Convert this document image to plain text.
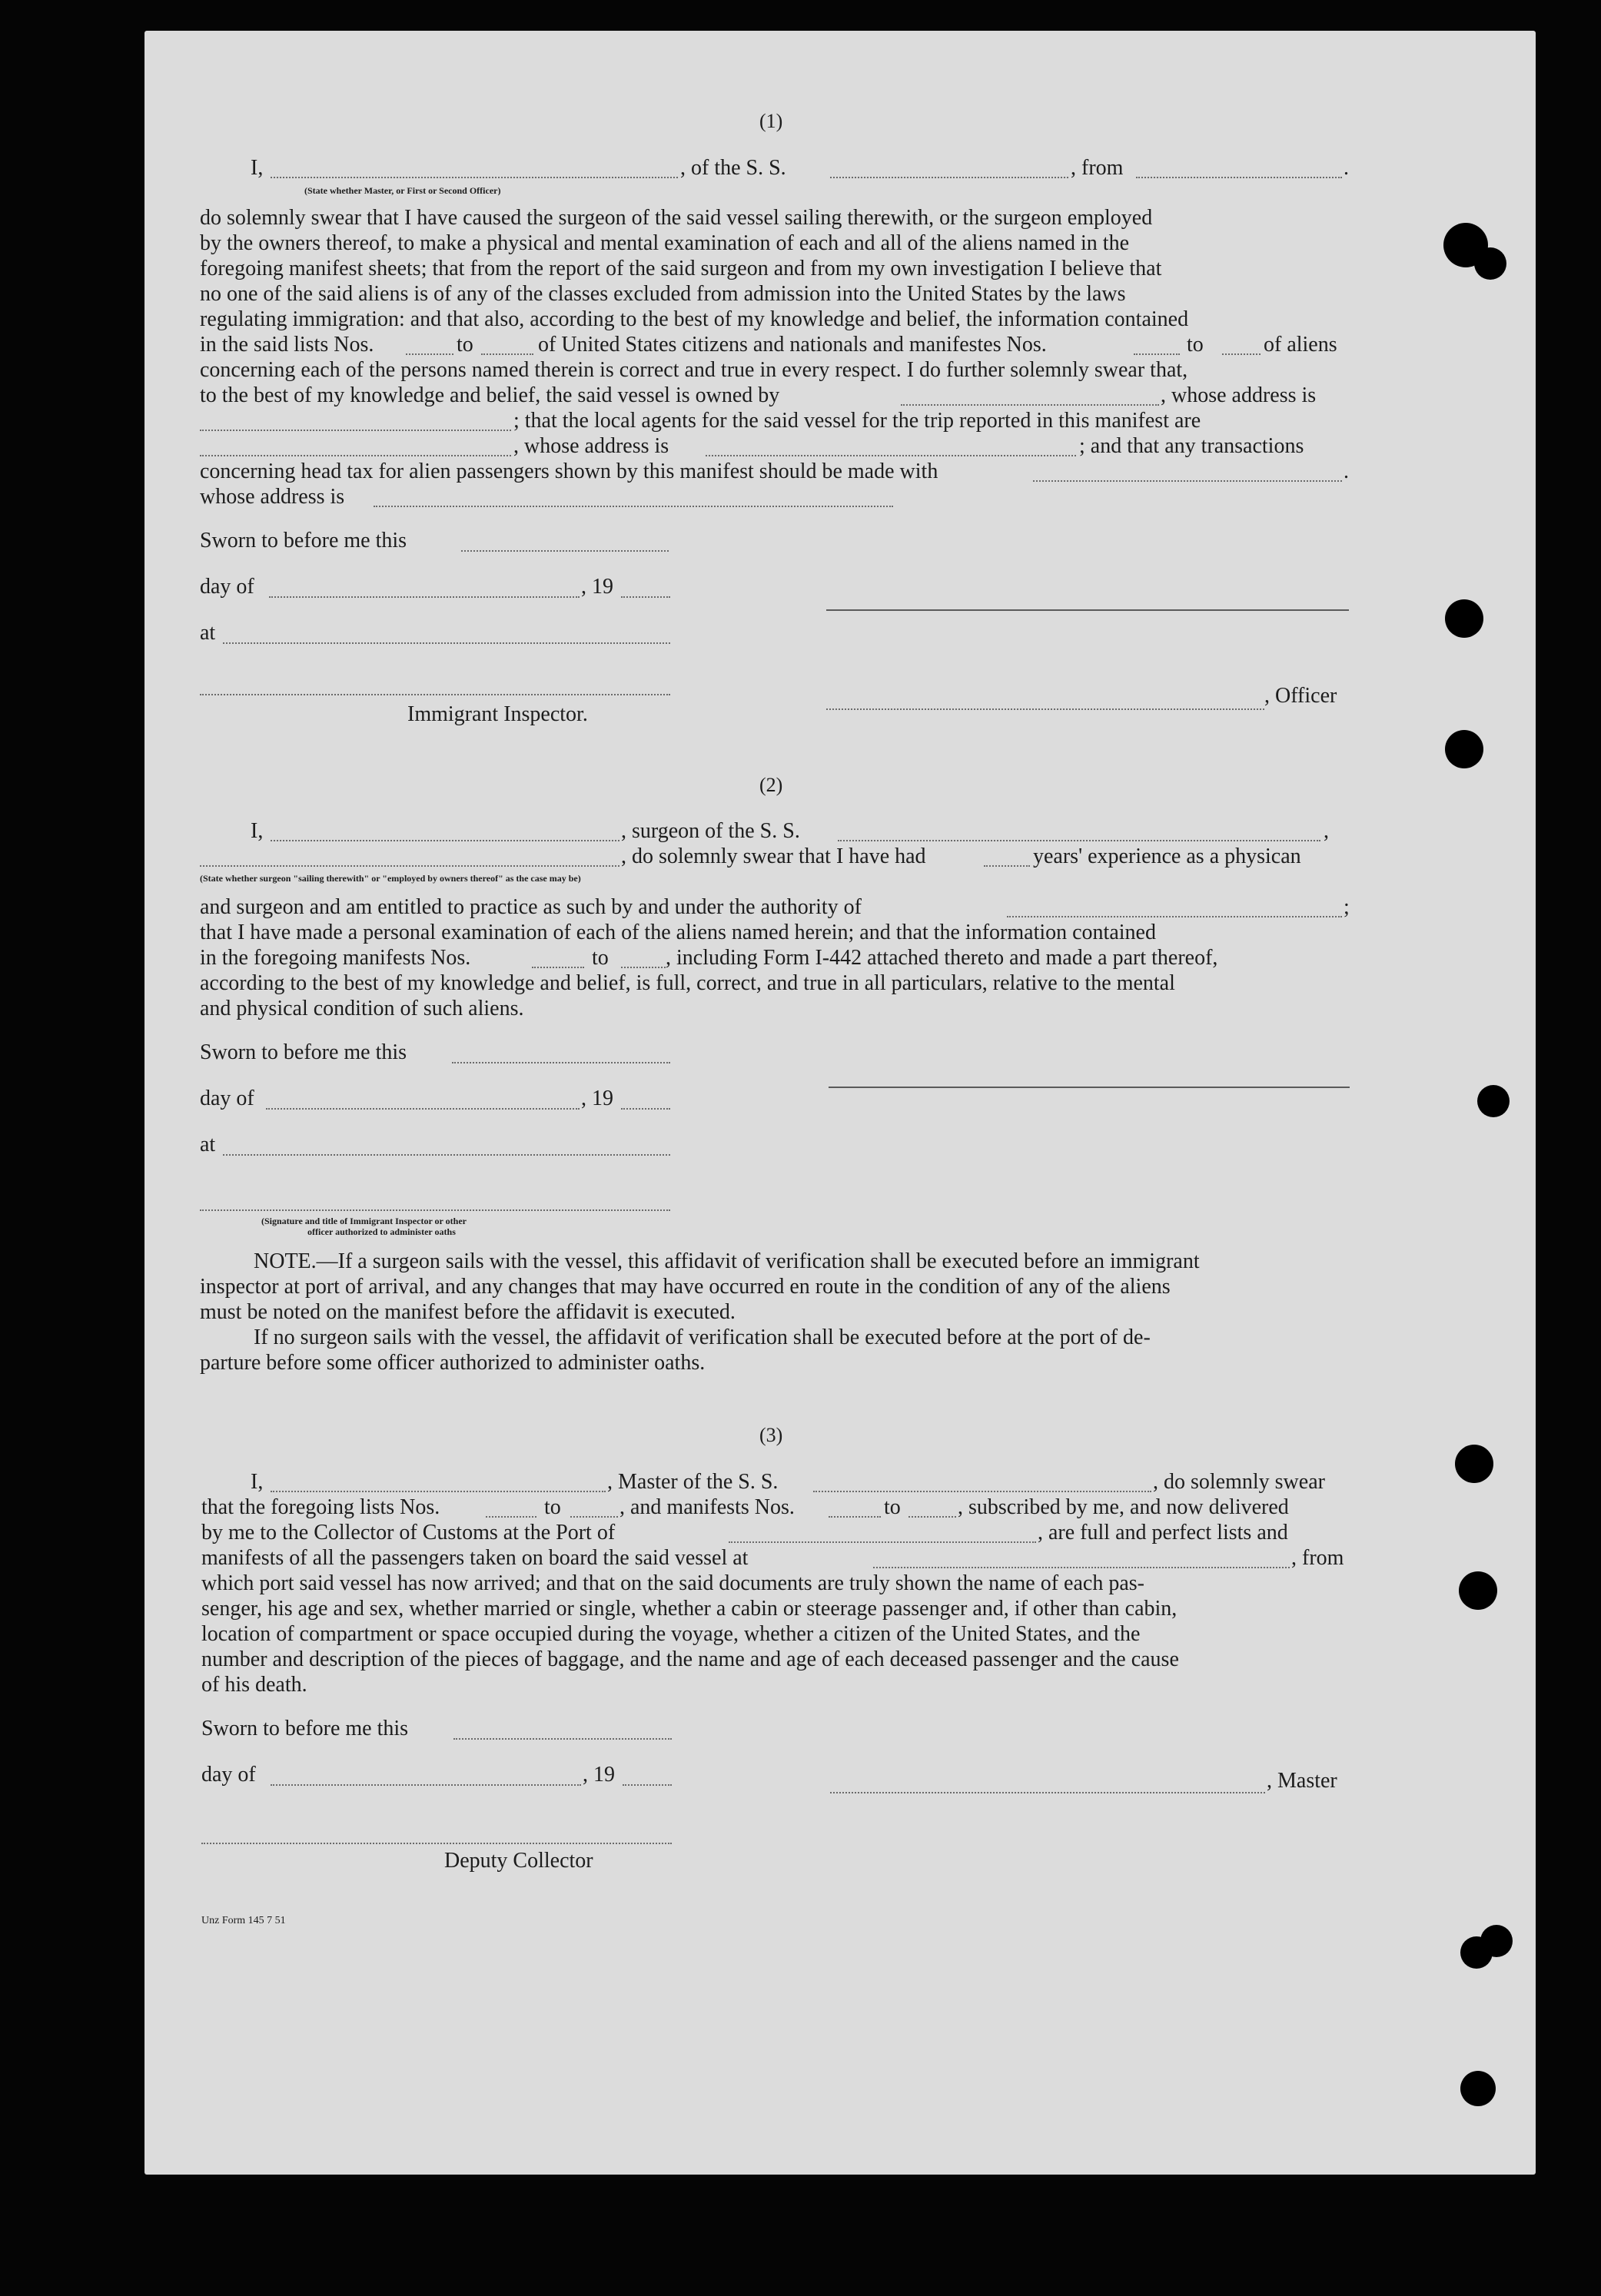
(1)
I,	, of the S. S.	, from	.
(State whether Master, or First or Second Officer)
do solemnly swear that I have caused the surgeon of the said vessel sailing therewith, or the surgeon employed
by the owners thereof, to make a physical and mental examination of each and all of the aliens named in the
foregoing manifest sheets; that from the report of the said surgeon and from my own investigation I believe that
no one of the said aliens is of any of the classes excluded from admission into the United States by the laws
regulating immigration: and that also, according to the best of my knowledge and belief, the information contained
in the said lists Nos.	to	of United States citizens and nationals and manifestes Nos.	to	of aliens
concerning each of the persons named therein is correct and true in every respect. I do further solemnly swear that,
to the best of my knowledge and belief, the said vessel is owned by	, whose address is
; that the local agents for the said vessel for the trip reported in this manifest are
, whose address is	; and that any transactions
concerning head tax for alien passengers shown by this manifest should be made with	.
whose address is
Sworn to before me this
day of	, 19
at
, Officer
Immigrant Inspector.
(2)
I,	, surgeon of the S. S.	,
, do solemnly swear that I have had	years' experience as a physican
(State whether surgeon "sailing therewith" or "employed by owners thereof" as the case may be)
and surgeon and am entitled to practice as such by and under the authority of	;
that I have made a personal examination of each of the aliens named herein; and that the information contained
in the foregoing manifests Nos.	to	, including Form I-442 attached thereto and made a part thereof,
according to the best of my knowledge and belief, is full, correct, and true in all particulars, relative to the mental
and physical condition of such aliens.
Sworn to before me this
day of	, 19
at
(Signature and title of Immigrant Inspector or other
officer authorized to administer oaths
NOTE.—If a surgeon sails with the vessel, this affidavit of verification shall be executed before an immigrant
inspector at port of arrival, and any changes that may have occurred en route in the condition of any of the aliens
must be noted on the manifest before the affidavit is executed.
If no surgeon sails with the vessel, the affidavit of verification shall be executed before at the port of de-
parture before some officer authorized to administer oaths.
(3)
I,	, Master of the S. S.	, do solemnly swear
that the foregoing lists Nos.	to	, and manifests Nos.	to	, subscribed by me, and now delivered
by me to the Collector of Customs at the Port of	, are full and perfect lists and
manifests of all the passengers taken on board the said vessel at	, from
which port said vessel has now arrived; and that on the said documents are truly shown the name of each pas-
senger, his age and sex, whether married or single, whether a cabin or steerage passenger and, if other than cabin,
location of compartment or space occupied during the voyage, whether a citizen of the United States, and the
number and description of the pieces of baggage, and the name and age of each deceased passenger and the cause
of his death.
Sworn to before me this
day of	, 19	, Master
Deputy Collector
Unz Form 145 7 51
